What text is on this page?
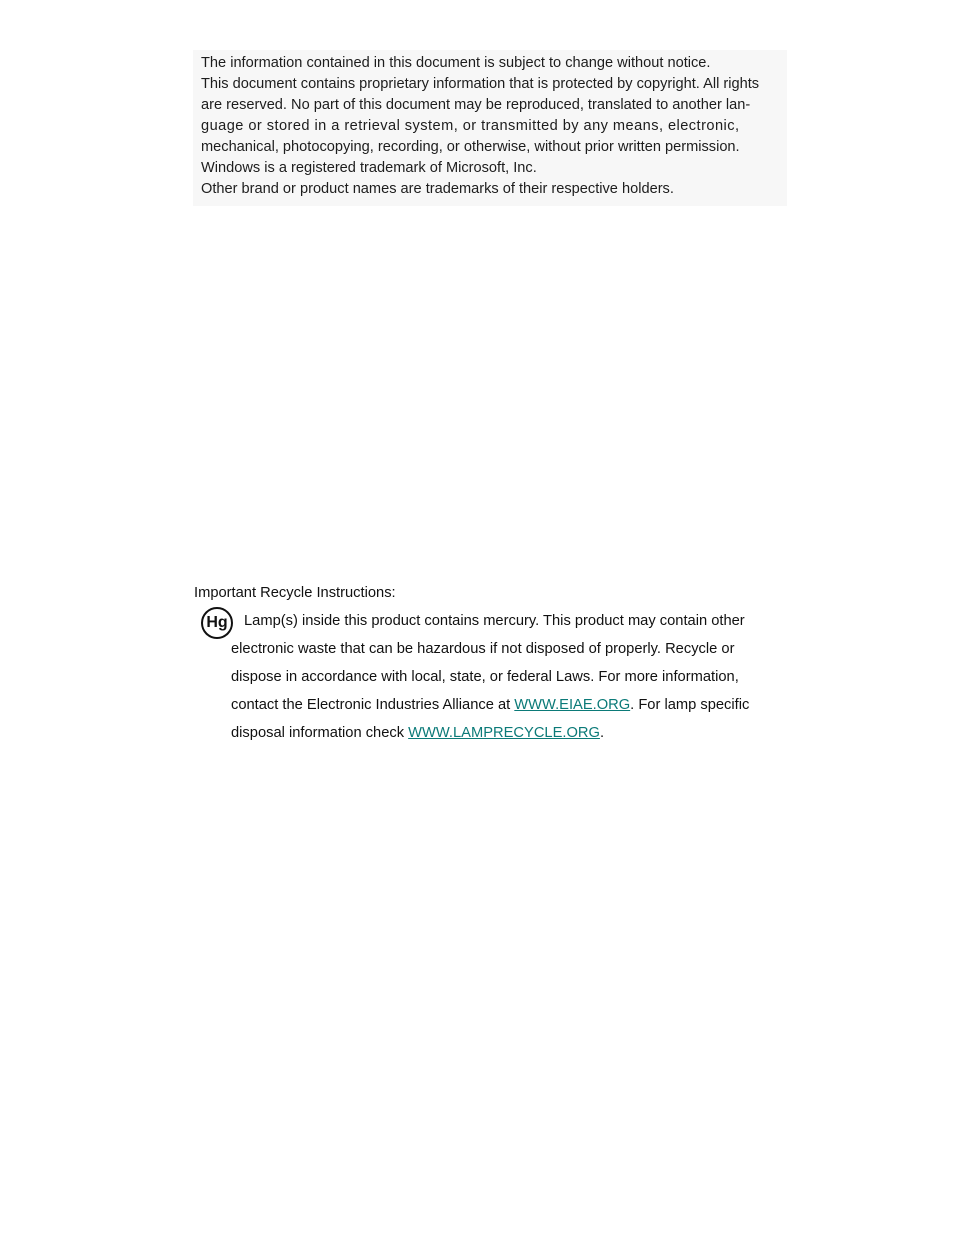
The information contained in this document is subject to change without notice.
This document contains proprietary information that is protected by copyright. All rights
are reserved. No part of this document may be reproduced, translated to another lan-
guage or stored in a retrieval system, or transmitted by any means, electronic,
mechanical, photocopying, recording, or otherwise, without prior written permission.
Windows is a registered trademark of Microsoft, Inc.
Other brand or product names are trademarks of their respective holders.
Important Recycle Instructions:
Hg	Lamp(s) inside this product contains mercury. This product may contain other
electronic waste that can be hazardous if not disposed of properly. Recycle or
dispose in accordance with local, state, or federal Laws. For more information,
contact the Electronic Industries Alliance at WWW.EIAE.ORG. For lamp specific
disposal information check WWW.LAMPRECYCLE.ORG.
